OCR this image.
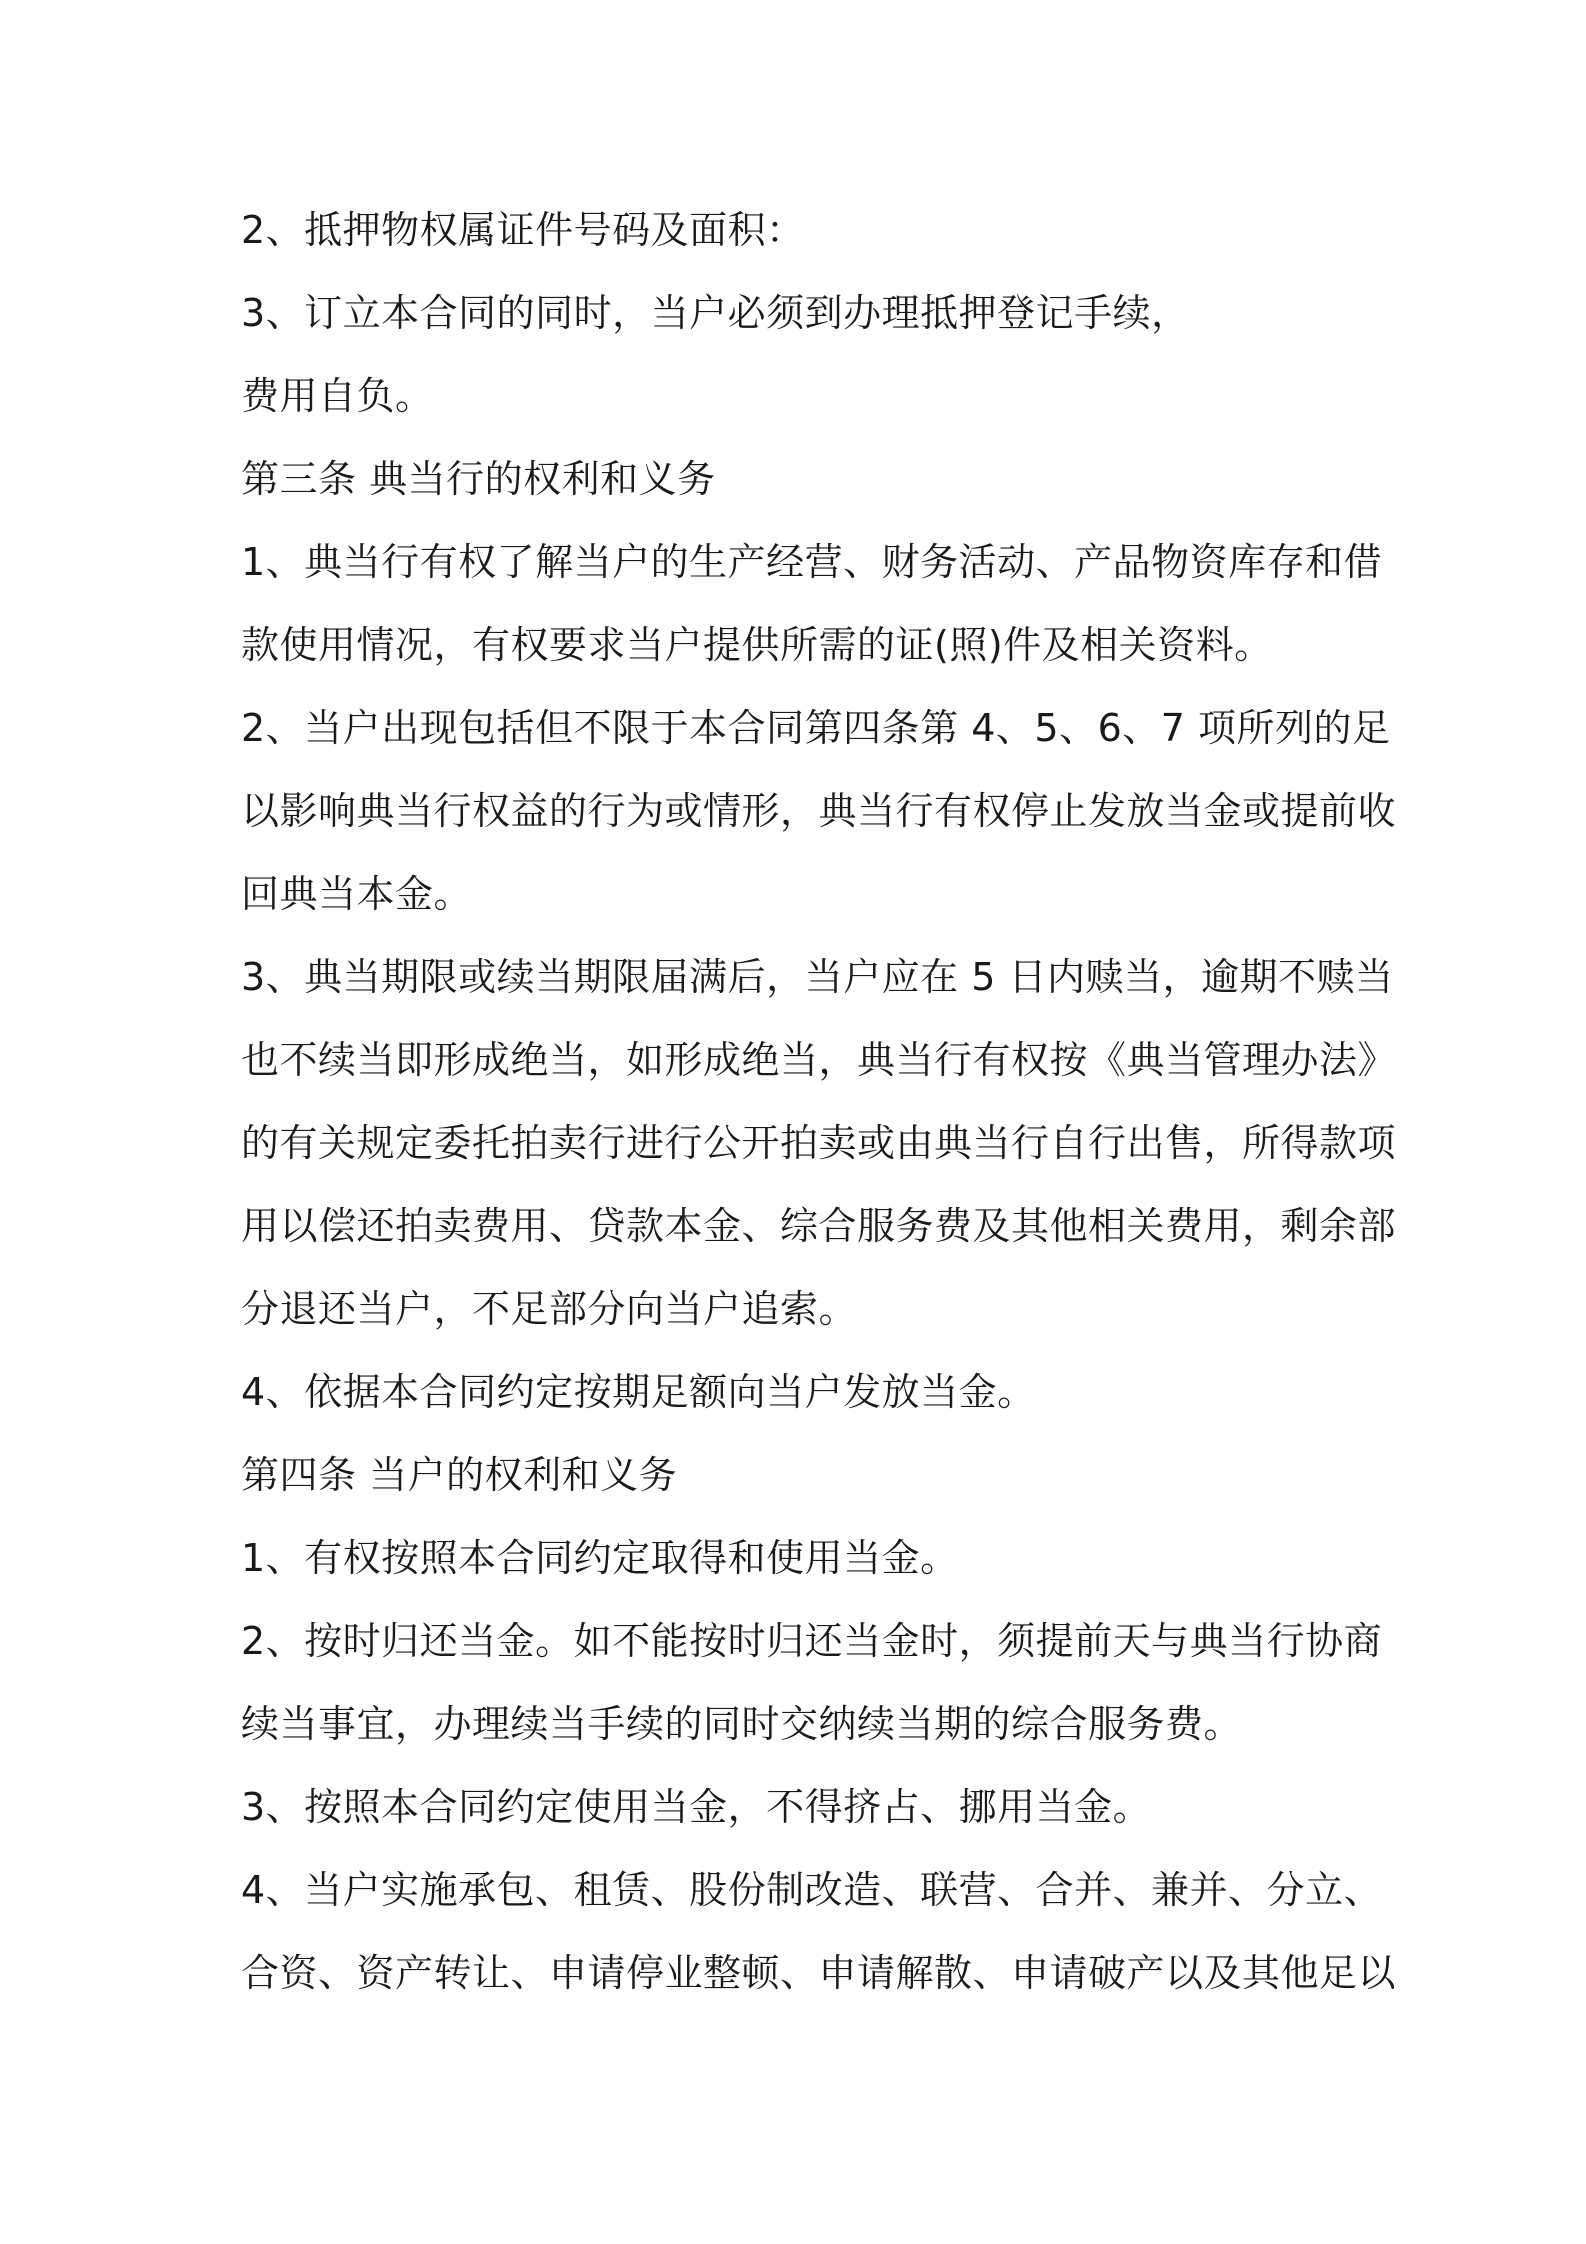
2、抵押物权属证件号码及面积：
3、订立本合同的同时，当户必须到办理抵押登记手续，
费用自负。
第三条 典当行的权利和义务
1、典当行有权了解当户的生产经营、财务活动、产品物资库存和借
款使用情况，有权要求当户提供所需的证(照)件及相关资料。
2、当户出现包括但不限于本合同第四条第 4、5、6、7 项所列的足
以影响典当行权益的行为或情形，典当行有权停止发放当金或提前收
回典当本金。
3、典当期限或续当期限届满后，当户应在 5 日内赎当，逾期不赎当
也不续当即形成绝当，如形成绝当，典当行有权按《典当管理办法》
的有关规定委托拍卖行进行公开拍卖或由典当行自行出售，所得款项
用以偿还拍卖费用、贷款本金、综合服务费及其他相关费用，剩余部
分退还当户，不足部分向当户追索。
4、依据本合同约定按期足额向当户发放当金。
第四条 当户的权利和义务
1、有权按照本合同约定取得和使用当金。
2、按时归还当金。如不能按时归还当金时，须提前天与典当行协商
续当事宜，办理续当手续的同时交纳续当期的综合服务费。
3、按照本合同约定使用当金，不得挤占、挪用当金。
4、当户实施承包、租赁、股份制改造、联营、合并、兼并、分立、
合资、资产转让、申请停业整顿、申请解散、申请破产以及其他足以
